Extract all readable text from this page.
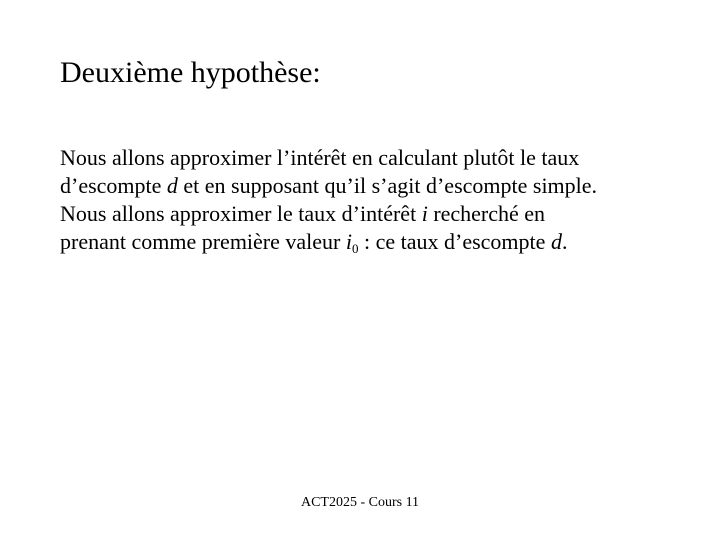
Deuxième hypothèse:
Nous allons approximer l’intérêt en calculant plutôt le taux
d’escompte d et en supposant qu’il s’agit d’escompte simple.
Nous allons approximer le taux d’intérêt i recherché en
prenant comme première valeur $i_0$ : ce taux d’escompte d.
ACT2025 - Cours 11
